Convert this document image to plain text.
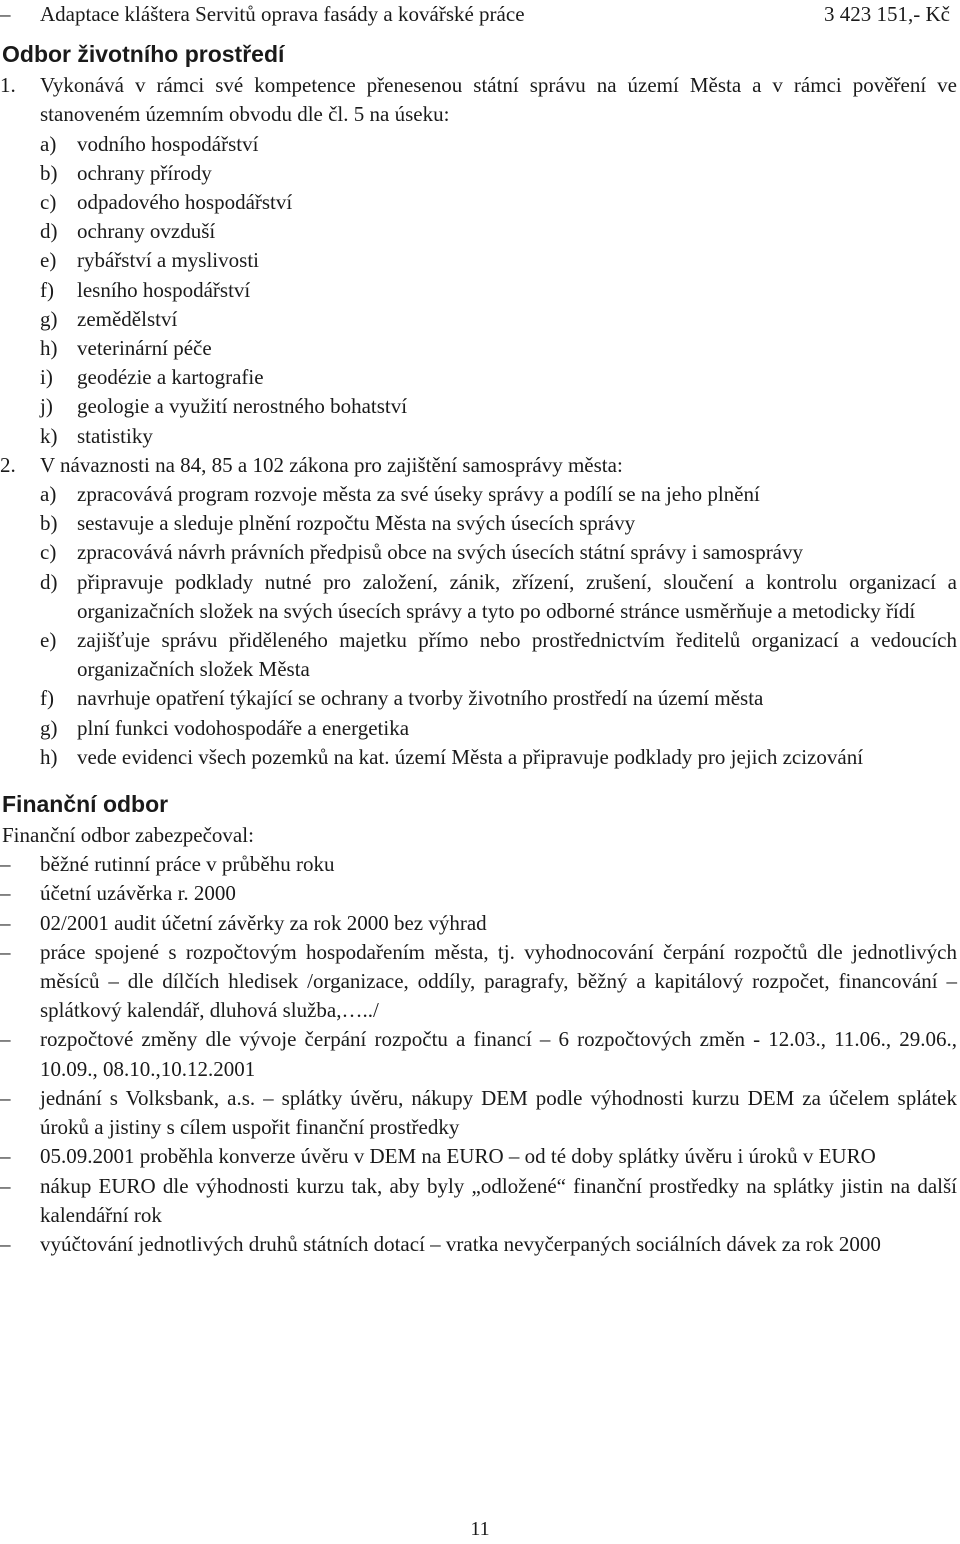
–	Adaptace kláštera Servitů oprava fasády a kovářské práce	3 423 151,- Kč
Odbor životního prostředí
1. Vykonává v rámci své kompetence přenesenou státní správu na území Města a v rámci pověření ve stanoveném územním obvodu dle čl. 5 na úseku:
a) vodního hospodářství
b) ochrany přírody
c) odpadového hospodářství
d) ochrany ovzduší
e) rybářství a myslivosti
f) lesního hospodářství
g) zemědělství
h) veterinární péče
i) geodézie a kartografie
j) geologie a využití nerostného bohatství
k) statistiky
2. V návaznosti na 84, 85 a 102 zákona pro zajištění samosprávy města:
a) zpracovává program rozvoje města za své úseky správy a podílí se na jeho plnění
b) sestavuje a sleduje plnění rozpočtu Města na svých úsecích správy
c) zpracovává návrh právních předpisů obce na svých úsecích státní správy i samosprávy
d) připravuje podklady nutné pro založení, zánik, zřízení, zrušení, sloučení a kontrolu organizací a organizačních složek na svých úsecích správy a tyto po odborné stránce usměrňuje a metodicky řídí
e) zajišťuje správu přiděleného majetku přímo nebo prostřednictvím ředitelů organizací a vedoucích organizačních složek Města
f) navrhuje opatření týkající se ochrany a tvorby životního prostředí na území města
g) plní funkci vodohospodáře a energetika
h) vede evidenci všech pozemků na kat. území Města a připravuje podklady pro jejich zcizování
Finanční odbor
Finanční odbor zabezpečoval:
–	běžné rutinní práce v průběhu roku
–	účetní uzávěrka r. 2000
–	02/2001 audit účetní závěrky za rok 2000 bez výhrad
–	práce spojené s rozpočtovým hospodařením města, tj. vyhodnocování čerpání rozpočtů dle jednotlivých měsíců – dle dílčích hledisek /organizace, oddíly, paragrafy, běžný a kapitálový rozpočet, financování – splátkový kalendář, dluhová služba,…../
–	rozpočtové změny dle vývoje čerpání rozpočtu a financí – 6 rozpočtových změn - 12.03., 11.06., 29.06., 10.09., 08.10.,10.12.2001
–	jednání s Volksbank, a.s. – splátky úvěru, nákupy DEM podle výhodnosti kurzu DEM za účelem splátek úroků a jistiny s cílem uspořit finanční prostředky
–	05.09.2001 proběhla konverze úvěru v DEM na EURO – od té doby splátky úvěru i úroků v EURO
–	nákup EURO dle výhodnosti kurzu tak, aby byly „odložené“ finanční prostředky na splátky jistin na další kalendářní rok
–	vyúčtování jednotlivých druhů státních dotací – vratka nevyčerpaných sociálních dávek za rok 2000
11
